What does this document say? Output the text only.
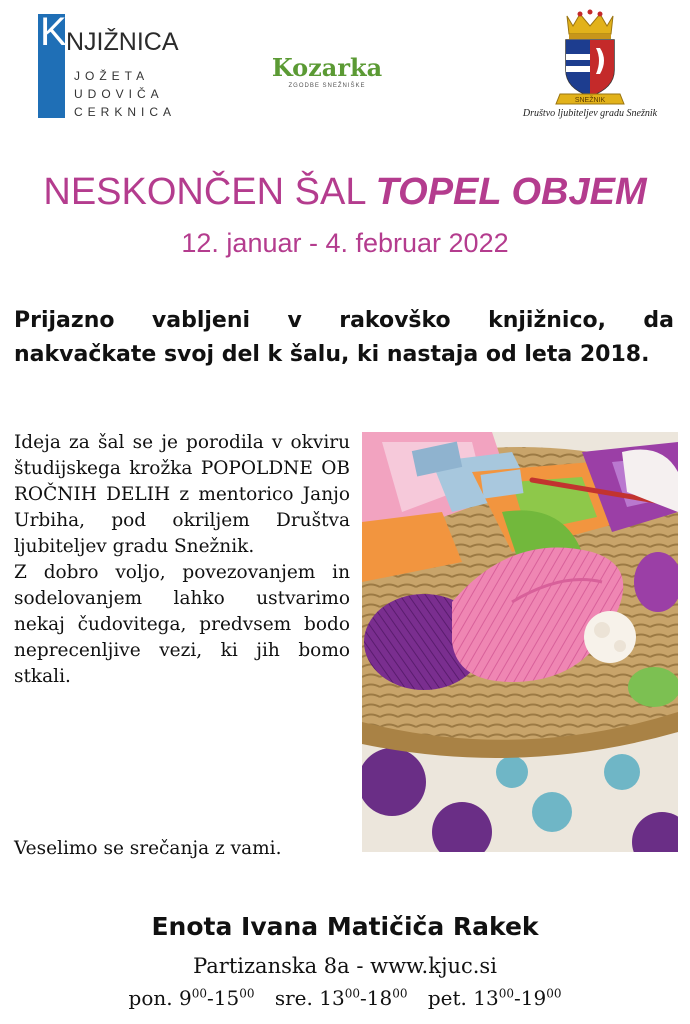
K NJIŽNICA
JOŽETA
UDOVIČA
CERKNICA
Kozarka
ZGODBE SNEŽNIŠKE
SNEŽNIK
Društvo ljubiteljev gradu Snežnik
NESKONČEN ŠAL TOPEL OBJEM
12. januar - 4. februar 2022
Prijazno vabljeni v rakovško knjižnico, da nakvačkate svoj del k šalu, ki nastaja od leta 2018.

Ideja za šal se je porodila v okviru študijskega krožka POPOLDNE OB ROČNIH DELIH z mentorico Janjo Urbiha, pod okriljem Društva ljubiteljev gradu Snežnik.

Z dobro voljo, povezovanjem in sodelovanjem lahko ustvarimo nekaj čudovitega, predvsem bodo neprecenljive vezi, ki jih bomo stkali.

Veselimo se srečanja z vami.
Enota Ivana Matičiča Rakek
Partizanska 8a - www.kjuc.si
pon. $9^{00}-15^{00}$ sre. $13^{00}-18^{00}$ pet. $13^{00}-19^{00}$
